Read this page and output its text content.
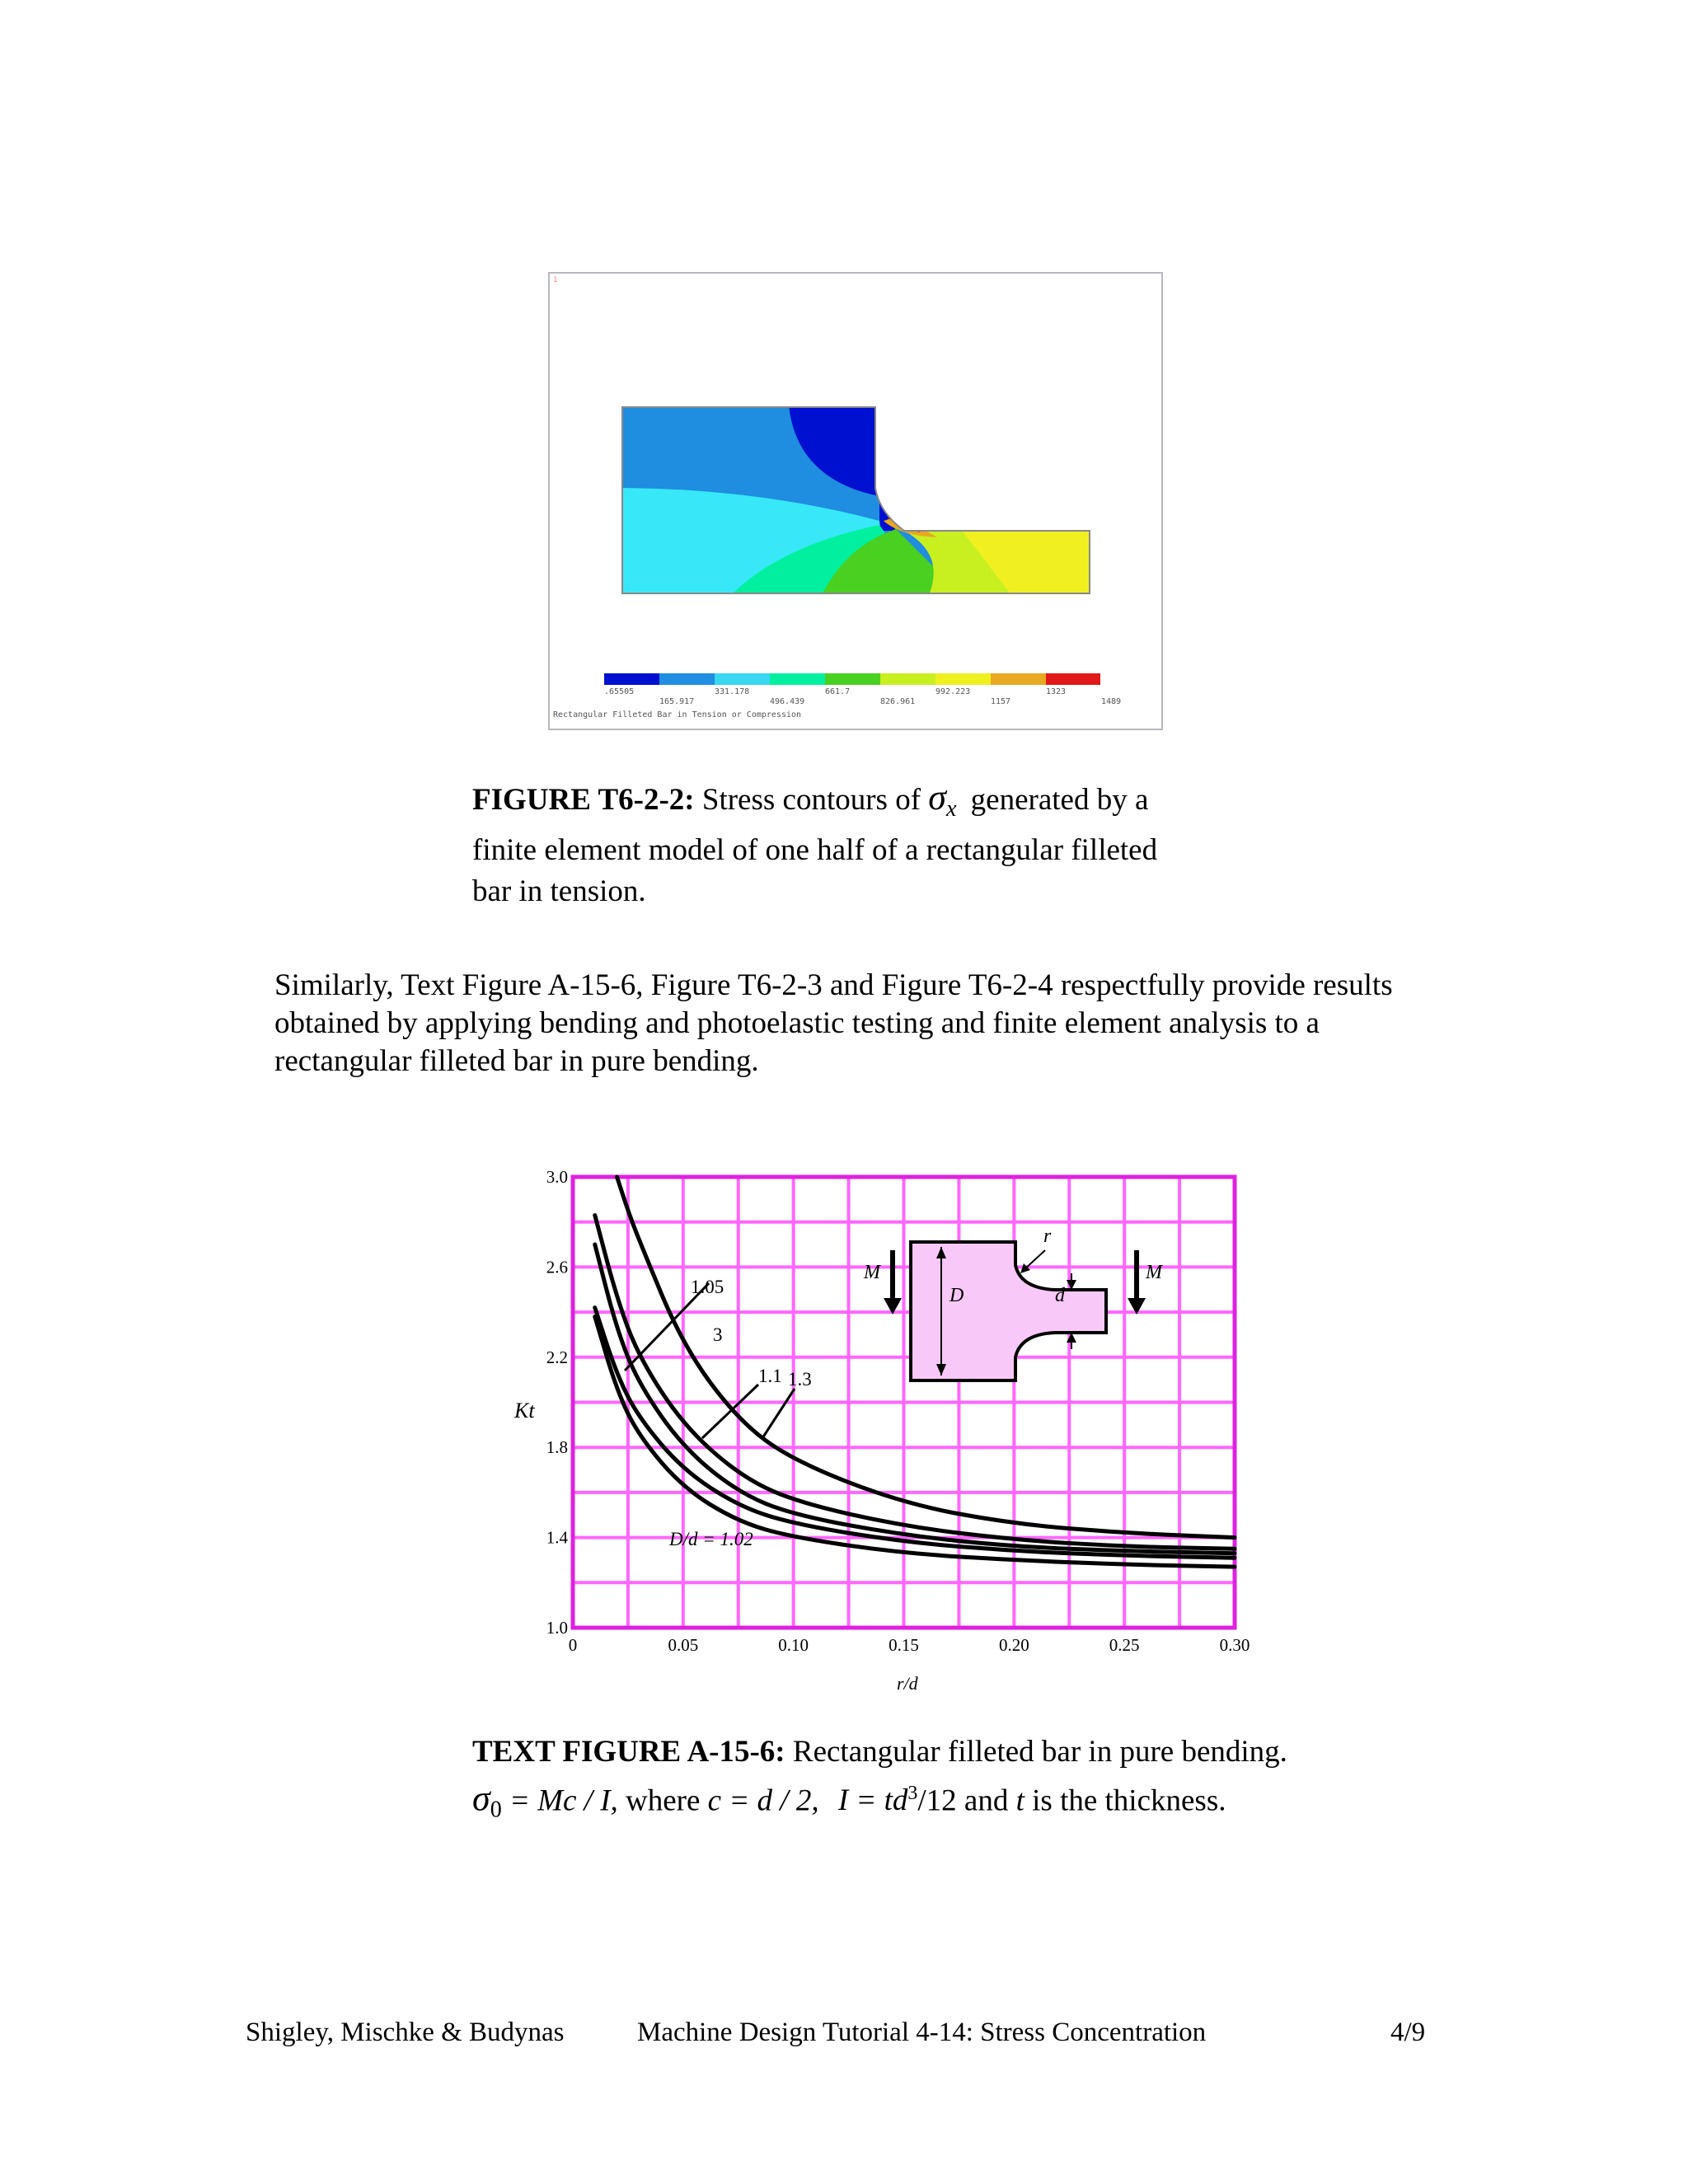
1
.65505	331.178	661.7	992.223	1323
165.917	496.439	826.961	1157	1489
Rectangular Filleted Bar in Tension or Compression
FIGURE T6-2-2: Stress contours of $\sigma_x$ generated by a
finite element model of one half of a rectangular filleted
bar in tension.
Similarly, Text Figure A-15-6, Figure T6-2-3 and Figure T6-2-4 respectfully provide results
obtained by applying bending and photoelastic testing and finite element analysis to a
rectangular filleted bar in pure bending.
0	0.05	0.10	0.15	0.20	0.25	0.30
1.0
1.4
1.8
2.2
2.6
3.0
M	M
D	d
r
1.05
3
1.1 1.3
D/d = 1.02
Kt
r/d
TEXT FIGURE A-15-6: Rectangular filleted bar in pure bending.
$\sigma_0 = Mc / I$, where c = d / 2, $I = td^3/12$ and t is the thickness.
Shigley, Mischke & Budynas	Machine Design Tutorial 4-14: Stress Concentration	4/9
